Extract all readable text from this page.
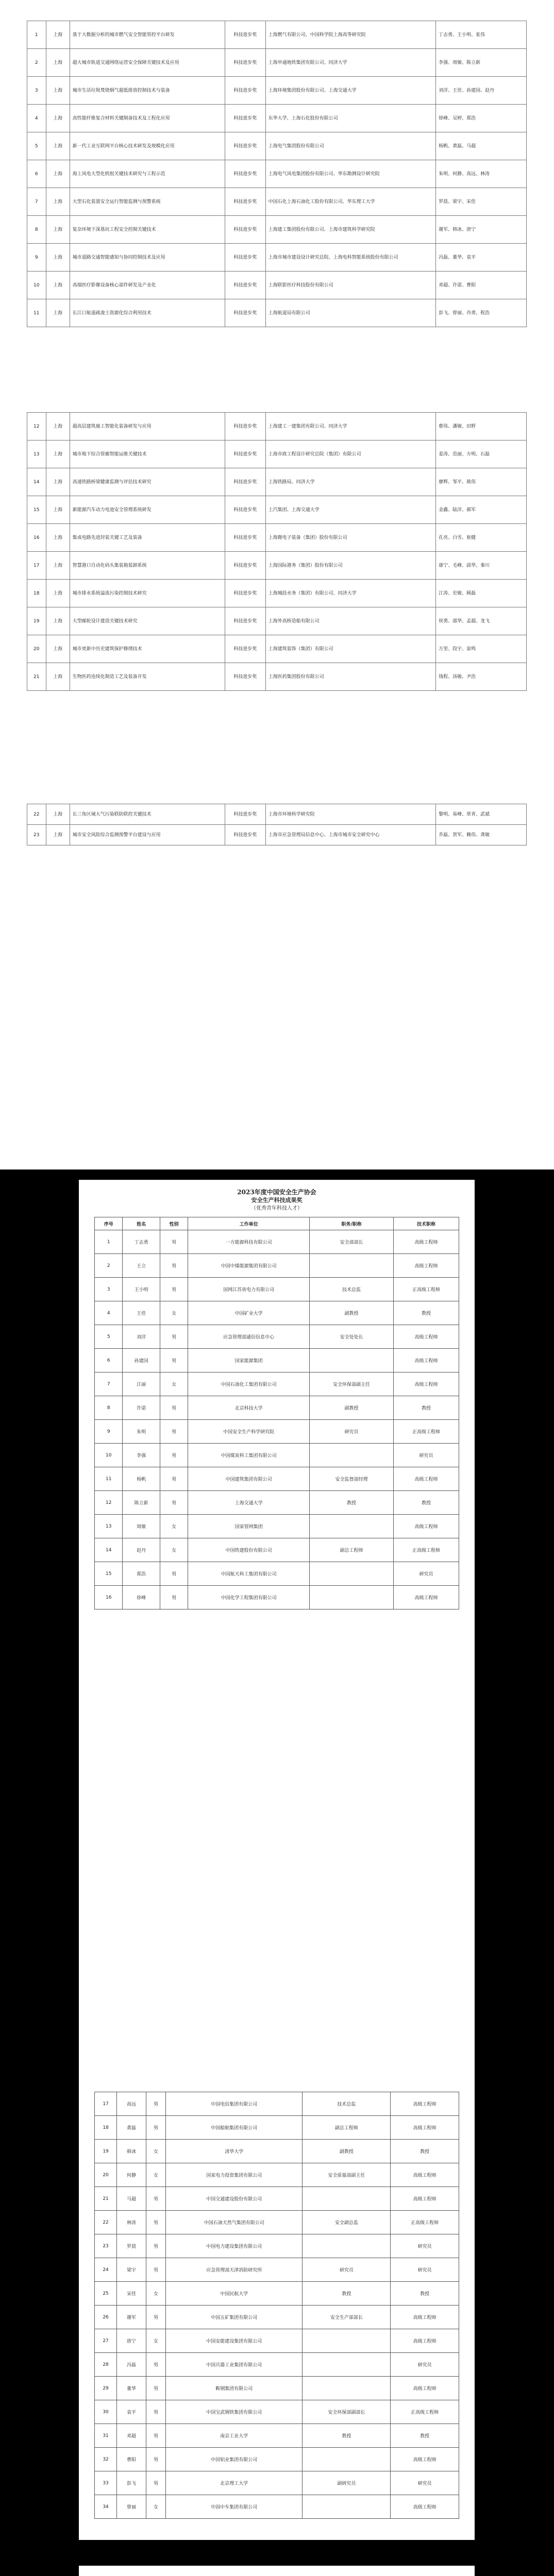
1	上海	基于大数据分析的城市燃气安全智能管控平台研发	科技进步奖	上海燃气有限公司、中国科学院上海高等研究院	丁志勇、王小明、张伟
2	上海	超大城市轨道交通网络运营安全保障关键技术及应用	科技进步奖	上海申通地铁集团有限公司、同济大学	李强、周敏、陈立新
3	上海	城市生活垃圾焚烧烟气超低排放控制技术与装备	科技进步奖	上海环境集团股份有限公司、上海交通大学	刘洋、王佳、孙建国、赵丹
4	上海	高性能纤维复合材料关键制备技术及工程化应用	科技进步奖	东华大学、上海石化股份有限公司	徐峰、吴婷、郑浩
5	上海	新一代工业互联网平台核心技术研发及规模化应用	科技进步奖	上海电气集团股份有限公司	杨帆、黄磊、马超
6	上海	海上风电大型化机组关键技术研究与工程示范	科技进步奖	上海电气风电集团股份有限公司、华东勘测设计研究院	朱明、何静、高远、林涛
7	上海	大型石化装置安全运行智能监测与预警系统	科技进步奖	中国石化上海石油化工股份有限公司、华东理工大学	罗晨、梁宇、宋佳
8	上海	复杂环境下深基坑工程安全控制关键技术	科技进步奖	上海建工集团股份有限公司、上海市建筑科学研究院	谢军、韩冰、唐宁
9	上海	城市道路交通智能感知与协同控制技术及应用	科技进步奖	上海市城市建设设计研究总院、上海电科智能系统股份有限公司	冯磊、董华、袁平
10	上海	高端医疗影像设备核心部件研发及产业化	科技进步奖	上海联影医疗科技股份有限公司	邓超、许诺、曹阳
11	上海	长江口航道疏浚土资源化综合利用技术	科技进步奖	上海航道局有限公司	彭飞、曾丽、肖勇、程浩
12	上海	超高层建筑施工智能化装备研发与应用	科技进步奖	上海建工一建集团有限公司、同济大学	蔡伟、潘敏、田野
13	上海	城市地下综合管廊智能运维关键技术	科技进步奖	上海市政工程设计研究总院（集团）有限公司	姜涛、范丽、方明、石磊
14	上海	高速铁路桥梁健康监测与评估技术研究	科技进步奖	上海铁路局、同济大学	廖辉、邹平、熊伟
15	上海	新能源汽车动力电池安全管理系统研发	科技进步奖	上汽集团、上海交通大学	金鑫、陆洋、郝军
16	上海	集成电路先进封装关键工艺及装备	科技进步奖	上海微电子装备（集团）股份有限公司	孔亮、白雪、崔健
17	上海	智慧港口自动化码头集装箱装卸系统	科技进步奖	上海国际港务（集团）股份有限公司	康宁、毛峰、邱华、秦川
18	上海	城市排水系统溢流污染控制技术研究	科技进步奖	上海城投水务（集团）有限公司、同济大学	江涛、史敏、顾磊
19	上海	大型邮轮设计建造关键技术研究	科技进步奖	上海外高桥造船有限公司	侯勇、邵华、孟超、龙飞
20	上海	城市更新中历史建筑保护修缮技术	科技进步奖	上海建筑装饰（集团）有限公司	万里、段宇、雷鸣
21	上海	生物医药连续化制造工艺及装备开发	科技进步奖	上海医药集团股份有限公司	钱程、汤敏、尹浩
22	上海	长三角区域大气污染联防联控关键技术	科技进步奖	上海市环境科学研究院	黎明、易峰、常青、武斌
23	上海	城市安全风险综合监测预警平台建设与应用	科技进步奖	上海市应急管理局信息中心、上海市城市安全研究中心	乔磊、贺军、赖伟、龚敏
2023年度中国安全生产协会
安全生产科技成果奖
（优秀青年科技人才）
序号	姓名	性别	工作单位	职务/职称	技术职称
1	丁志勇	男	一方能源科技有限公司	安全部部长	高级工程师
2	王立	男	中国中煤能源集团有限公司		高级工程师
3	王小明	男	国网江苏省电力有限公司	技术总监	正高级工程师
4	王佳	女	中国矿业大学	副教授	教授
5	刘洋	男	应急管理部通信信息中心	安全处处长	高级工程师
6	孙建国	男	国家能源集团		高级工程师
7	江丽	女	中国石油化工集团有限公司	安全环保部副主任	高级工程师
8	许诺	男	北京科技大学	副教授	教授
9	朱明	男	中国安全生产科学研究院	研究员	正高级工程师
10	李强	男	中国煤炭科工集团有限公司		研究员
11	杨帆	男	中国建筑集团有限公司	安全监督部经理	高级工程师
12	陈立新	男	上海交通大学	教授	教授
13	周敏	女	国家管网集团		高级工程师
14	赵丹	女	中国铁建股份有限公司	副总工程师	正高级工程师
15	郑浩	男	中国航天科工集团有限公司		研究员
16	徐峰	男	中国化学工程集团有限公司		高级工程师
17	高远	男	中国电信集团有限公司	技术总监	高级工程师
18	黄磊	男	中国船舶集团有限公司	副总工程师	高级工程师
19	韩冰	女	清华大学	副教授	教授
20	何静	女	国家电力投资集团有限公司	安全质量部副主任	高级工程师
21	马超	男	中国交通建设股份有限公司		高级工程师
22	林涛	男	中国石油天然气集团有限公司	安全副总监	正高级工程师
23	罗晨	男	中国电力建设集团有限公司		研究员
24	梁宇	男	应急管理部天津消防研究所	研究员	研究员
25	宋佳	女	中国民航大学	教授	教授
26	谢军	男	中国五矿集团有限公司	安全生产部部长	高级工程师
27	唐宁	女	中国安能建设集团有限公司		高级工程师
28	冯磊	男	中国兵器工业集团有限公司		研究员
29	董华	男	鞍钢集团有限公司		高级工程师
30	袁平	男	中国宝武钢铁集团有限公司	安全环保部副部长	正高级工程师
31	邓超	男	南京工业大学	教授	教授
32	曹阳	男	中国铝业集团有限公司		高级工程师
33	彭飞	男	北京理工大学	副研究员	研究员
34	曾丽	女	中国中车集团有限公司		高级工程师
